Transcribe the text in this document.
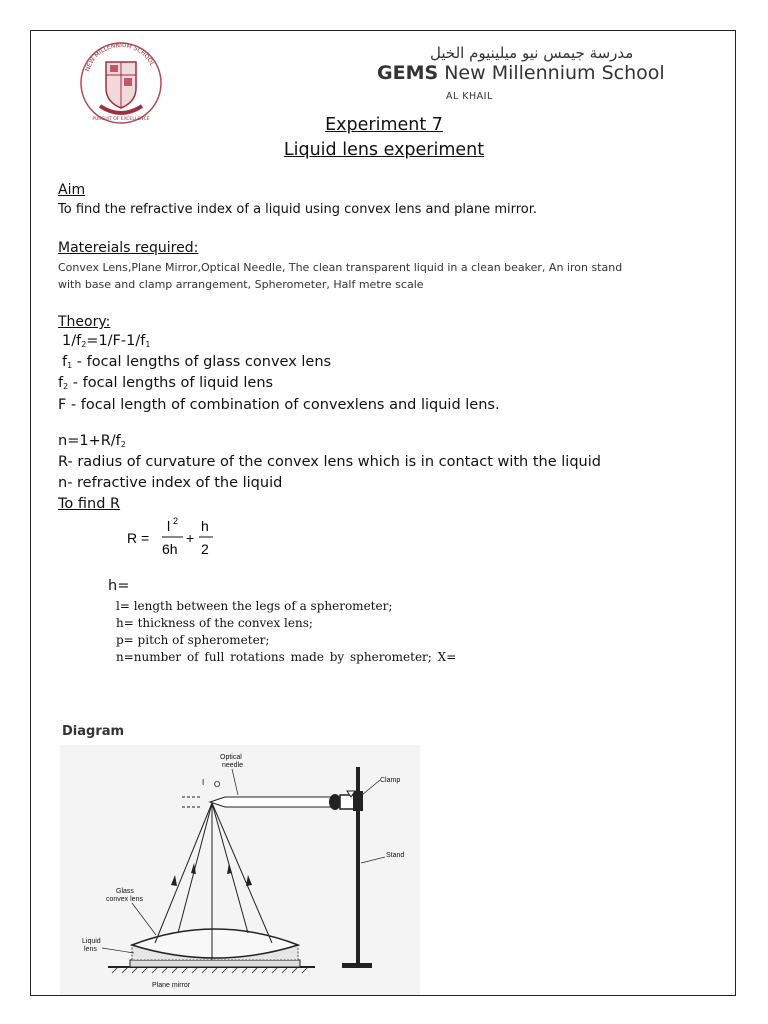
NEW MILLENNIUM SCHOOL
PURSUIT OF EXCELLENCE
مدرسة جيمس نيو ميلينيوم الخيل
GEMS New Millennium School
AL KHAIL
Experiment 7
Liquid lens experiment
Aim
To find the refractive index of a liquid using convex lens and plane mirror.
Matereials required:
Convex Lens,Plane Mirror,Optical Needle, The clean transparent liquid in a clean beaker, An iron stand
with base and clamp arrangement, Spherometer, Half metre scale
Theory:
$1/f_2=1/F-1/f_1$
$f_1$ - focal lengths of glass convex lens
$f_2$ - focal lengths of liquid lens
F - focal length of combination of convexlens and liquid lens.
$n=1+R/f_2$
R- radius of curvature of the convex lens which is in contact with the liquid
n- refractive index of the liquid
To find R
R =
l 2
6h
+
h
2
h=
l= length between the legs of a spherometer;
h= thickness of the convex lens;
p= pitch of spherometer;
n=number of full rotations made by spherometer; X=
Diagram
Optical
needle
Clamp
Stand
Glass
convex lens
Liquid
lens
Plane mirror
I O
